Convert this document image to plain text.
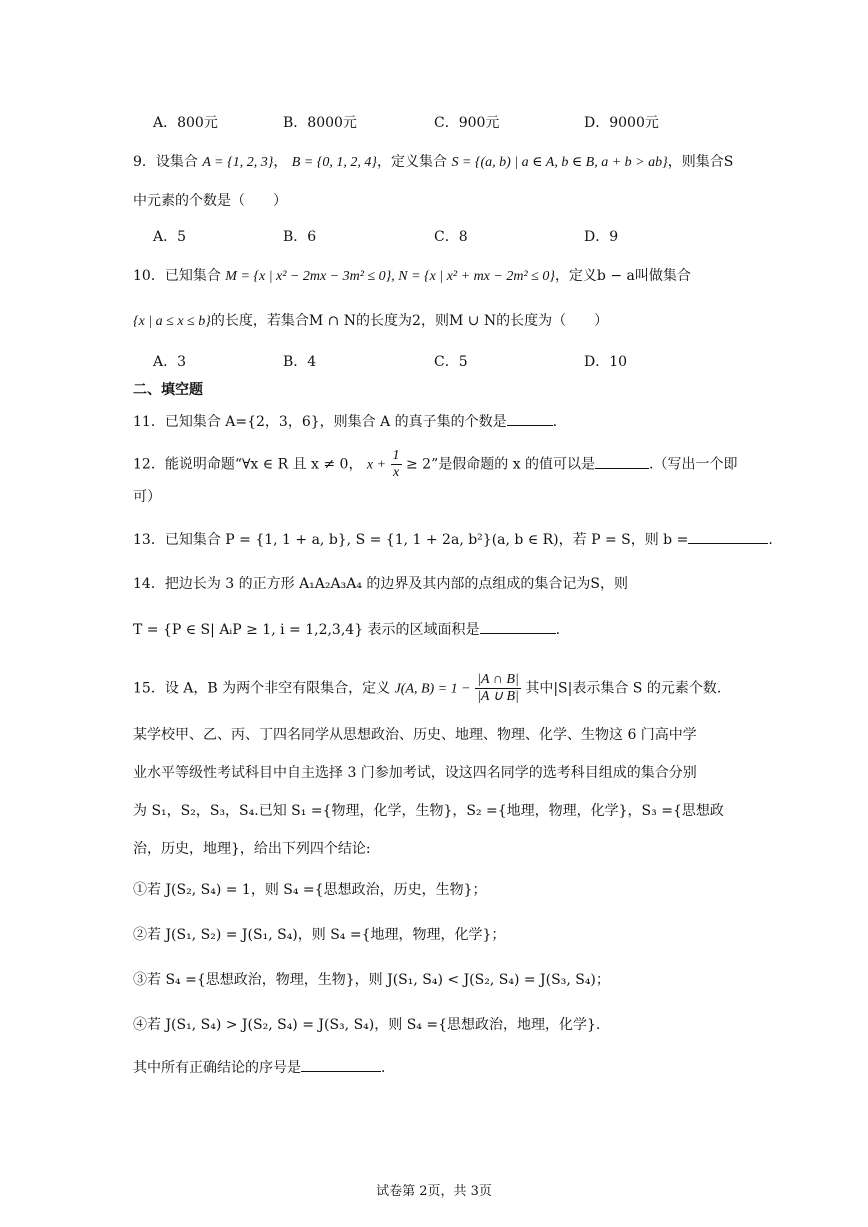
A．800元	B．8000元	C．900元	D．9000元
9．设集合 A = {1, 2, 3}， B = {0, 1, 2, 4}，定义集合 S = {(a, b) | a ∈ A, b ∈ B, a + b > ab}，则集合S
中元素的个数是（　　）
A．5	B．6	C．8	D．9
10．已知集合 M = {x | x² − 2mx − 3m² ≤ 0}, N = {x | x² + mx − 2m² ≤ 0}，定义b − a叫做集合
{x | a ≤ x ≤ b}的长度，若集合M ∩ N的长度为2，则M ∪ N的长度为（　　）
A．3	B．4	C．5	D．10
二、填空题
11．已知集合 A={2，3，6}，则集合 A 的真子集的个数是	.
12．能说明命题“∀x ∈ R 且 x ≠ 0， $x + \frac{1}{x} \ge 2$”是假命题的 x 的值可以是	.（写出一个即
可）
13．已知集合 P = {1, 1 + a, b}, S = {1, 1 + 2a, b²}(a, b ∈ R)，若 P = S，则 b =	.
14．把边长为 3 的正方形 A₁A₂A₃A₄ 的边界及其内部的点组成的集合记为S，则
T = {P ∈ S| AᵢP ≥ 1, i = 1,2,3,4} 表示的区域面积是	.
15．设 A，B 为两个非空有限集合，定义 J(A, $B) = 1 - \frac{|A \cap B|}{|A \cup B|}$ 其中|S|表示集合 S 的元素个数.
某学校甲、乙、丙、丁四名同学从思想政治、历史、地理、物理、化学、生物这 6 门高中学
业水平等级性考试科目中自主选择 3 门参加考试，设这四名同学的选考科目组成的集合分别
为 S₁，S₂，S₃，S₄.已知 S₁ ={物理，化学，生物}，S₂ ={地理，物理，化学}，S₃ ={思想政
治，历史，地理}，给出下列四个结论:
①若 J(S₂, S₄) = 1，则 S₄ ={思想政治，历史，生物}；
②若 J(S₁, S₂) = J(S₁, S₄)，则 S₄ ={地理，物理，化学}；
③若 S₄ ={思想政治，物理，生物}，则 J(S₁, S₄) < J(S₂, S₄) = J(S₃, S₄)；
④若 J(S₁, S₄) > J(S₂, S₄) = J(S₃, S₄)，则 S₄ ={思想政治，地理，化学}.
其中所有正确结论的序号是	.
试卷第 2页，共 3页
